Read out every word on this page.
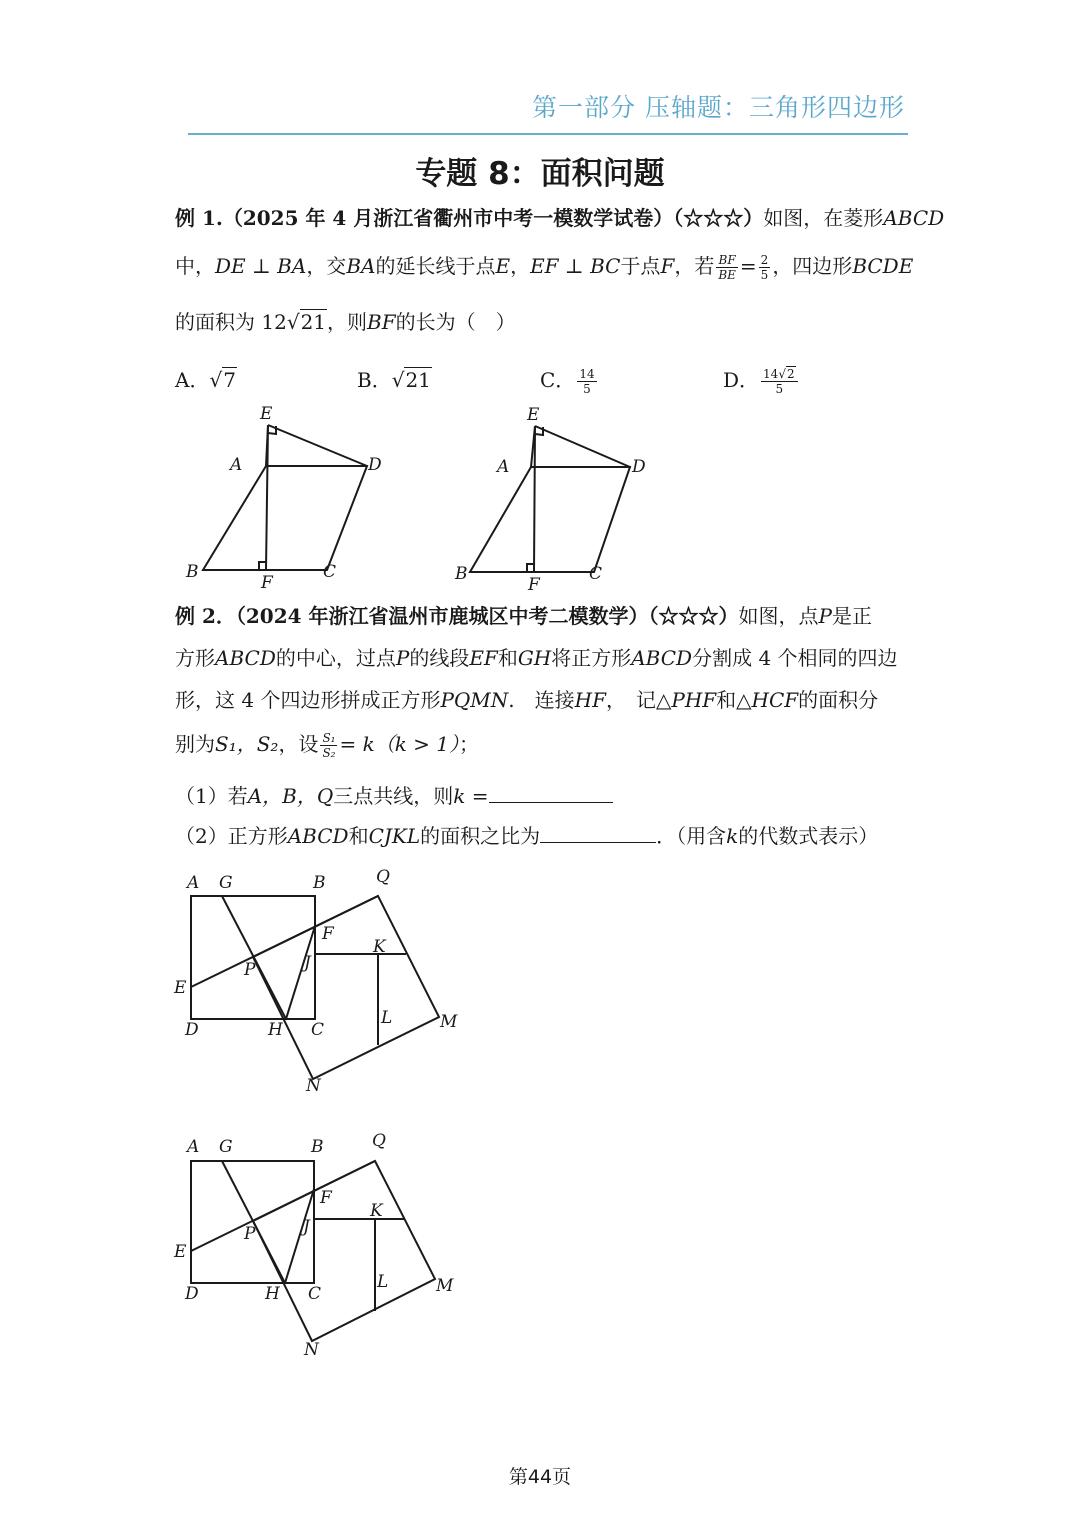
第一部分 压轴题：三角形四边形
专题 8：面积问题
例 1.（2025 年 4 月浙江省衢州市中考一模数学试卷）（☆☆☆）如图，在菱形ABCD
中，DE ⊥ BA，交BA的延长线于点E，EF ⊥ BC于点F，若 $\frac{BF}{BE} = \frac{2}{5}$ ，四边形BCDE
的面积为 12√21，则BF的长为（　）
A．√7	B．√21	C． $\frac{14}{5}$	D． $\frac{14√2}{5}$
E
A	D
B
F
C
E
A	D
B
F
C
例 2．（2024 年浙江省温州市鹿城区中考二模数学）（☆☆☆）如图，点P是正
方形ABCD的中心，过点P的线段EF和GH将正方形ABCD分割成 4 个相同的四边
形，这 4 个四边形拼成正方形PQMN.　连接HF，　记△PHF和△HCF的面积分
别为S₁，S₂，设 $\frac{\text{S₁}}{\text{S₂}} = k(k > 1)$；
（1）若A，B，Q三点共线，则k =
（2）正方形ABCD和CJKL的面积之比为	．（用含k的代数式表示）
A G	B	Q
F
K
J
P
E
L	M
D	H C
N
A G	B	Q
F
K
J
P
E
L	M
D	H C
N
第44页
